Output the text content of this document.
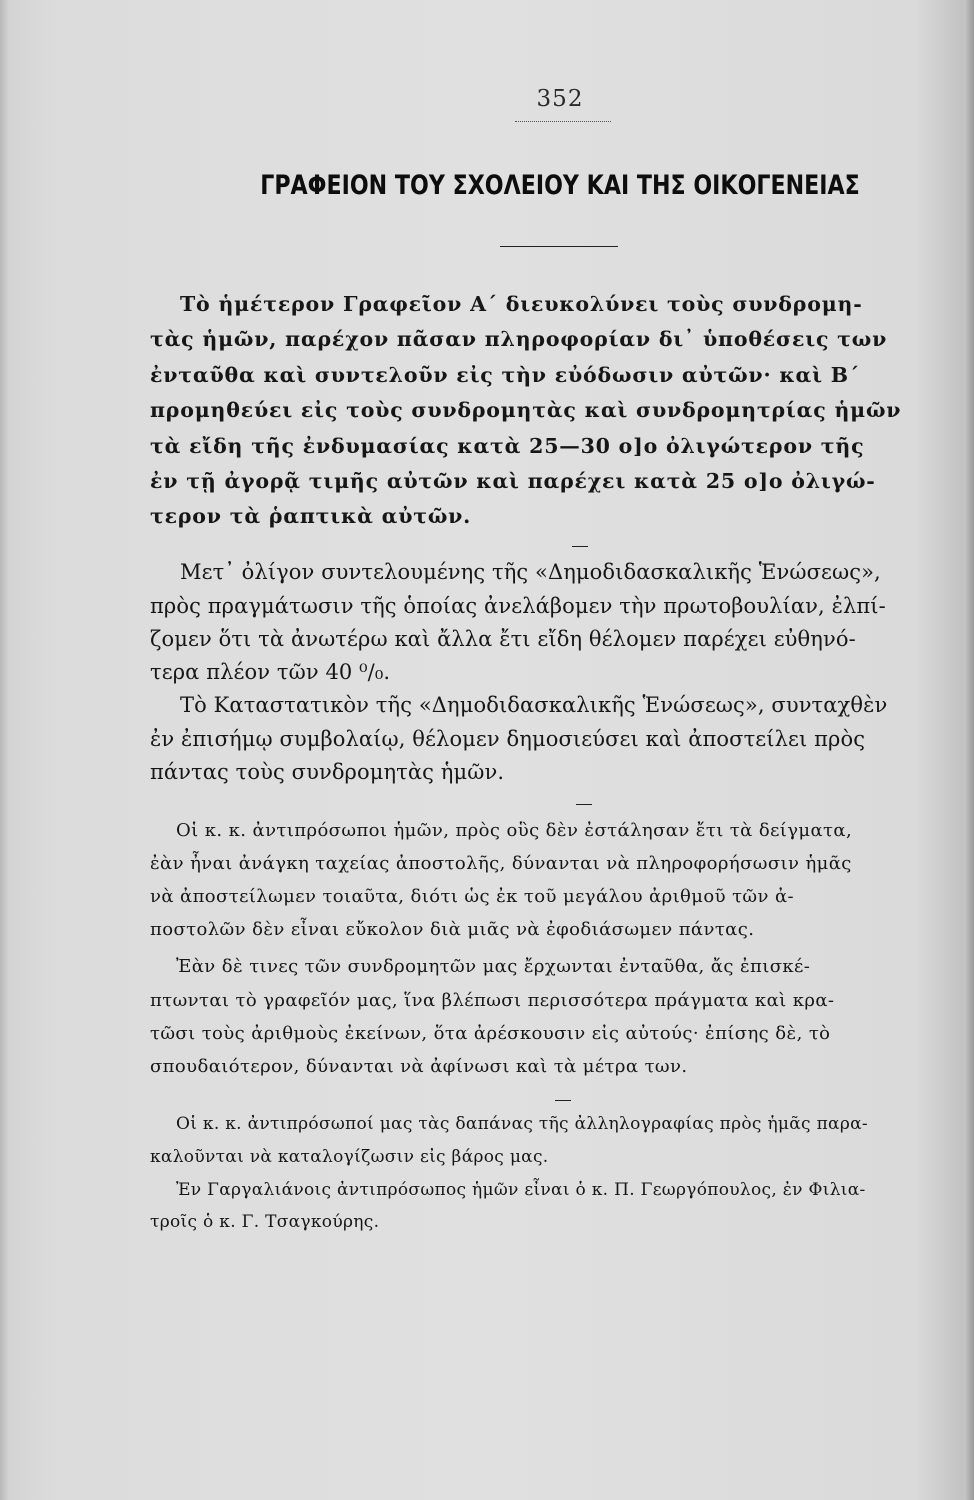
352
ΓΡΑΦΕΙΟΝ ΤΟΥ ΣΧΟΛΕΙΟΥ ΚΑΙ ΤΗΣ ΟΙΚΟΓΕΝΕΙΑΣ
Τὸ ἡμέτερον Γραφεῖον Α΄ διευκολύνει τοὺς συνδρομη-
τὰς ἡμῶν, παρέχον πᾶσαν πληροφορίαν δι᾽ ὑποθέσεις των
ἐνταῦθα καὶ συντελοῦν εἰς τὴν εὐόδωσιν αὐτῶν· καὶ Β΄
προμηθεύει εἰς τοὺς συνδρομητὰς καὶ συνδρομητρίας ἡμῶν
τὰ εἴδη τῆς ἐνδυμασίας κατὰ 25—30 ο]ο ὀλιγώτερον τῆς
ἐν τῇ ἀγορᾷ τιμῆς αὐτῶν καὶ παρέχει κατὰ 25 ο]ο ὀλιγώ-
τερον τὰ ῥαπτικὰ αὐτῶν.
Μετ᾽ ὀλίγον συντελουμένης τῆς «Δημοδιδασκαλικῆς Ἑνώσεως»,
πρὸς πραγμάτωσιν τῆς ὁποίας ἀνελάβομεν τὴν πρωτοβουλίαν, ἐλπί-
ζομεν ὅτι τὰ ἀνωτέρω καὶ ἄλλα ἔτι εἴδη θέλομεν παρέχει εὐθηνό-
τερα πλέον τῶν 40 ⁰/₀.
Τὸ Καταστατικὸν τῆς «Δημοδιδασκαλικῆς Ἑνώσεως», συνταχθὲν
ἐν ἐπισήμῳ συμβολαίῳ, θέλομεν δημοσιεύσει καὶ ἀποστείλει πρὸς
πάντας τοὺς συνδρομητὰς ἡμῶν.
Οἱ κ. κ. ἀντιπρόσωποι ἡμῶν, πρὸς οὓς δὲν ἐστάλησαν ἔτι τὰ δείγματα,
ἐὰν ἦναι ἀνάγκη ταχείας ἀποστολῆς, δύνανται νὰ πληροφορήσωσιν ἡμᾶς
νὰ ἀποστείλωμεν τοιαῦτα, διότι ὡς ἐκ τοῦ μεγάλου ἀριθμοῦ τῶν ἀ-
ποστολῶν δὲν εἶναι εὔκολον διὰ μιᾶς νὰ ἐφοδιάσωμεν πάντας.
Ἐὰν δὲ τινες τῶν συνδρομητῶν μας ἔρχωνται ἐνταῦθα, ἄς ἐπισκέ-
πτωνται τὸ γραφεῖόν μας, ἵνα βλέπωσι περισσότερα πράγματα καὶ κρα-
τῶσι τοὺς ἀριθμοὺς ἐκείνων, ὅτα ἀρέσκουσιν εἰς αὐτούς· ἐπίσης δὲ, τὸ
σπουδαιότερον, δύνανται νὰ ἀφίνωσι καὶ τὰ μέτρα των.
Οἱ κ. κ. ἀντιπρόσωποί μας τὰς δαπάνας τῆς ἀλληλογραφίας πρὸς ἡμᾶς παρα-
καλοῦνται νὰ καταλογίζωσιν εἰς βάρος μας.
Ἐν Γαργαλιάνοις ἀντιπρόσωπος ἡμῶν εἶναι ὁ κ. Π. Γεωργόπουλος, ἐν Φιλια-
τροῖς ὁ κ. Γ. Τσαγκούρης.
